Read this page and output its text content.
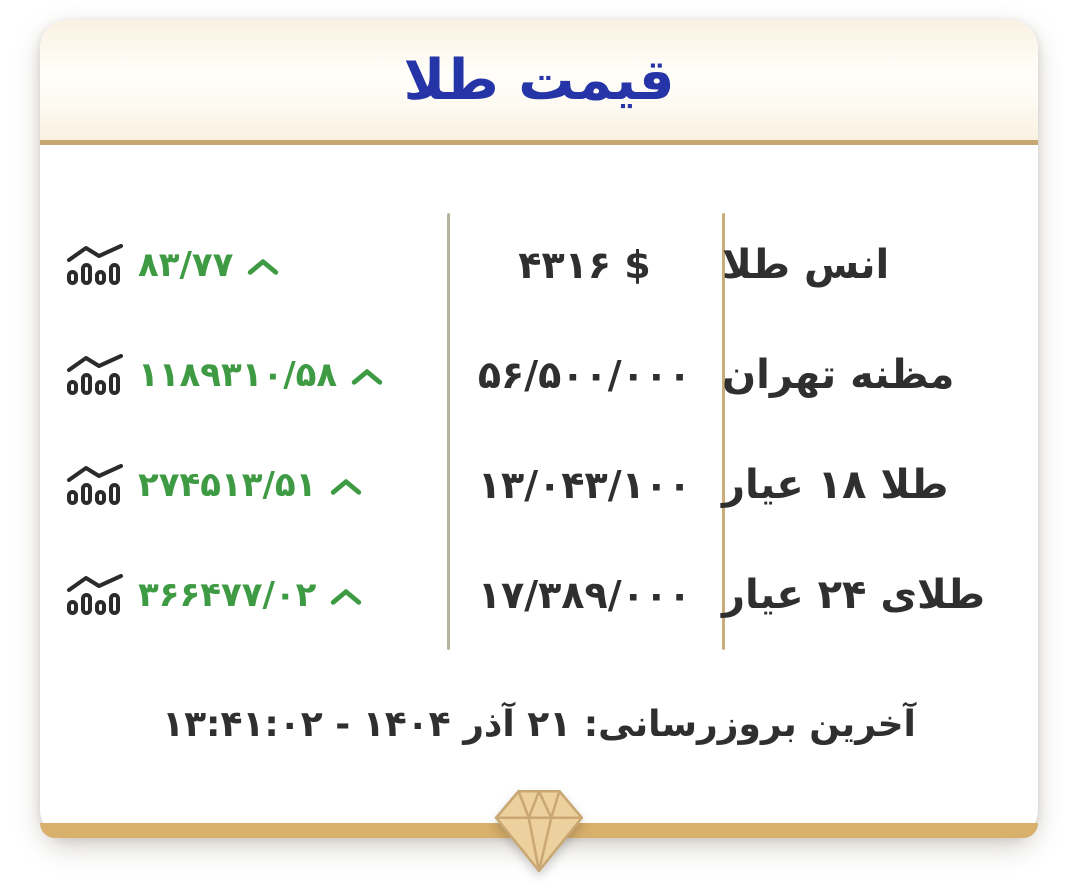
قیمت طلا
۸۳/۷۷	۴۳۱۶ $	انس طلا
۱۱۸۹۳۱۰/۵۸	۵۶/۵۰۰/۰۰۰ مظنه تهران
۲۷۴۵۱۳/۵۱	۱۳/۰۴۳/۱۰۰ طلا ۱۸ عیار
۳۶۶۴۷۷/۰۲	۱۷/۳۸۹/۰۰۰ طلای ۲۴ عیار
آخرین بروزرسانی: ۲۱ آذر ۱۴۰۴ - ۱۳:۴۱:۰۲
